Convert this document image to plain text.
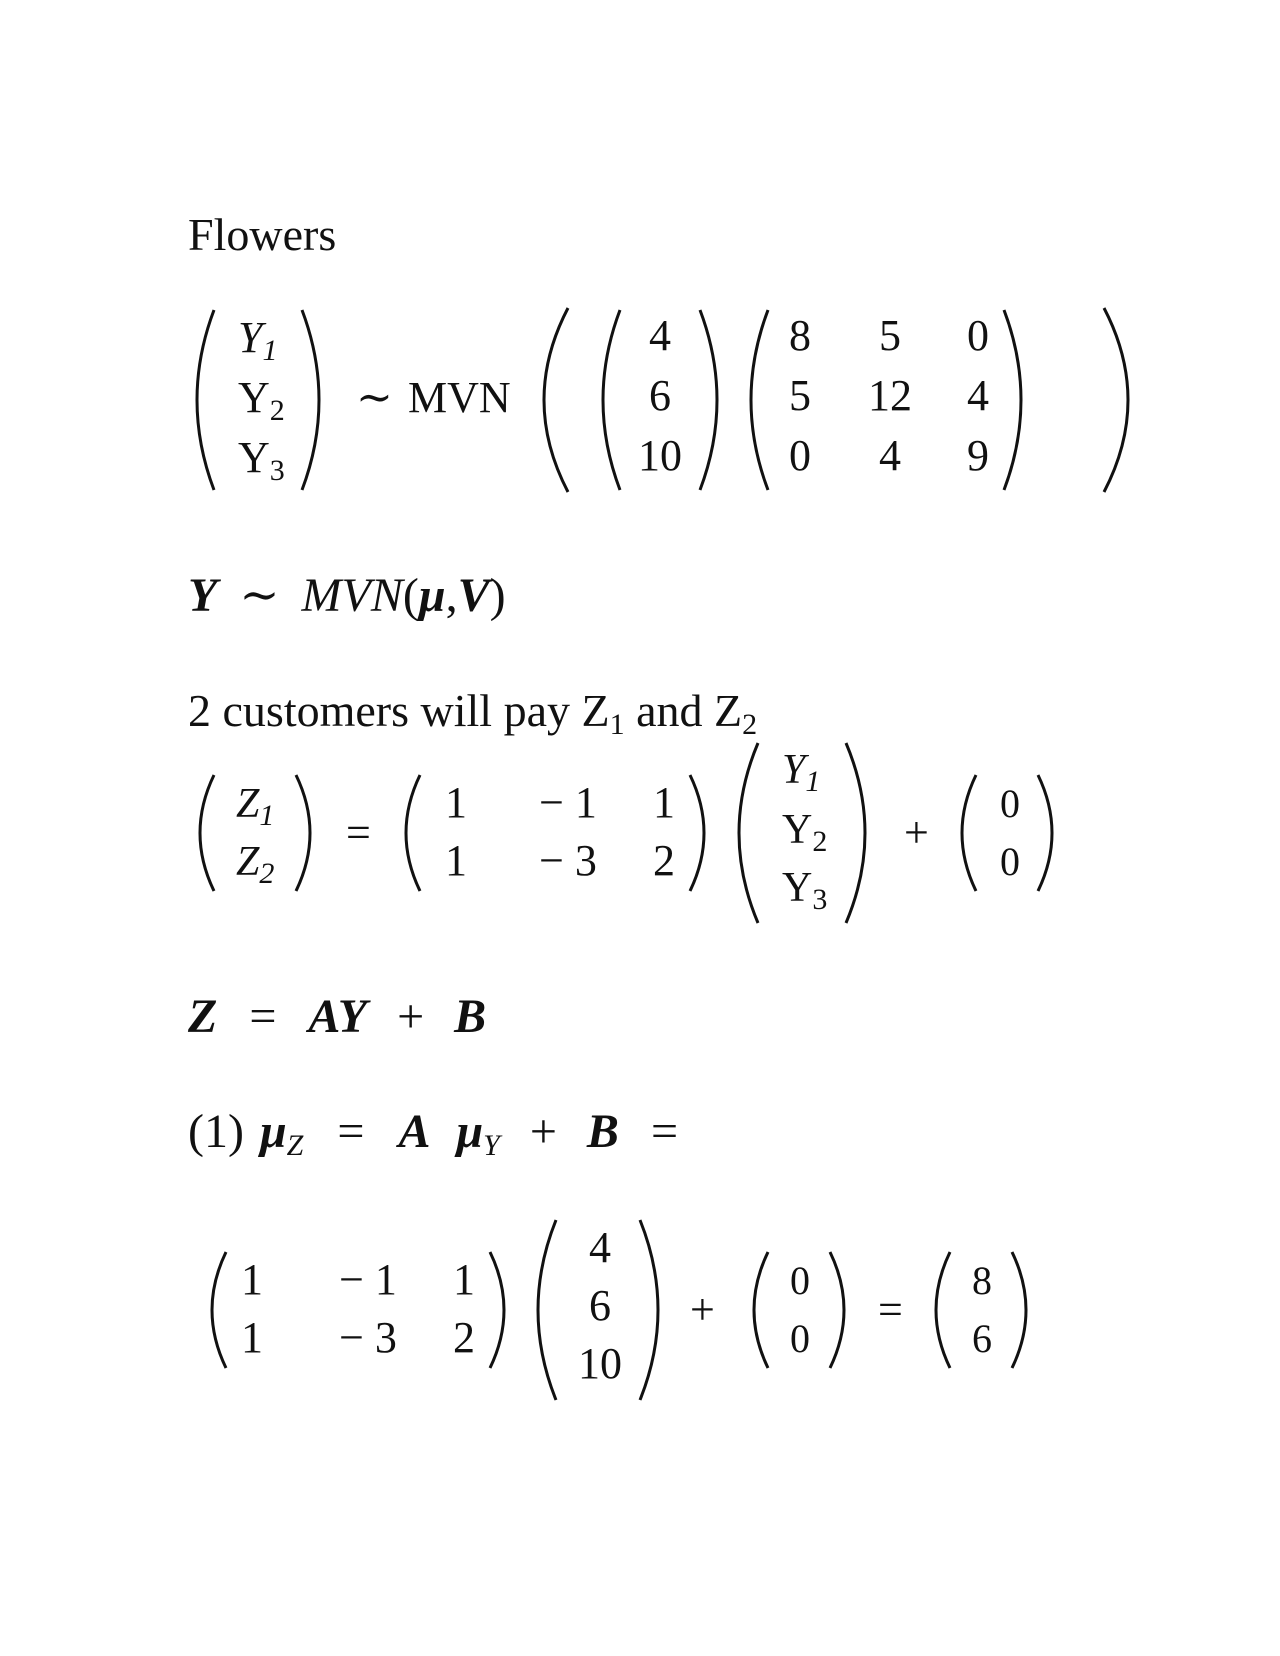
Flowers
Y1
Y2
Y3
∼ MVN
4
6
10
8 5 0
5 12 4
0 4 9
Y ∼ MVN(μ,V)
2 customers will pay Z1 and Z2
Z1
Z2
=
1 − 1 1
1 − 3 2
Y1
Y2
Y3
+
0
0
Z = AY + B
(1) μZ = A μY + B =
1 − 1 1
1 − 3 2
4
6
10
+
0
0
=
8
6
